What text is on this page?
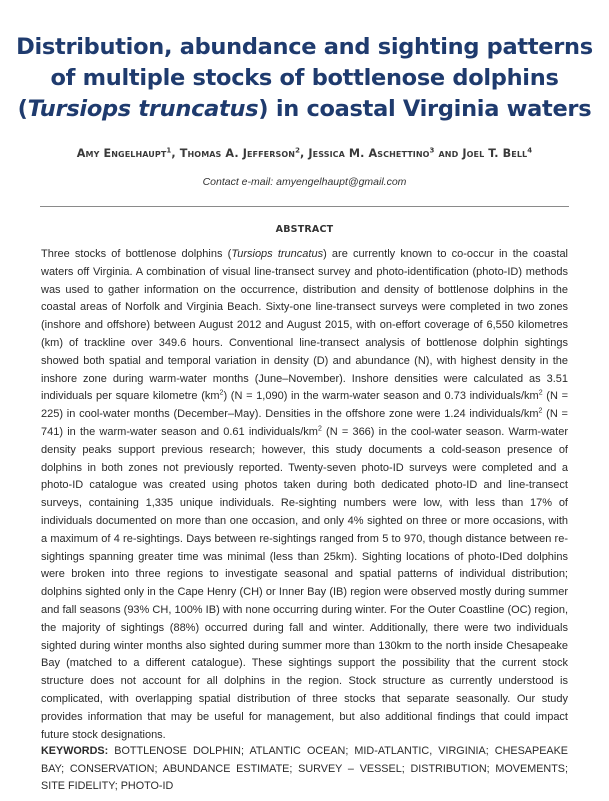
Distribution, abundance and sighting patterns of multiple stocks of bottlenose dolphins (Tursiops truncatus) in coastal Virginia waters
Amy Engelhaupt$^1$, Thomas A. Jefferson$^2$, Jessica M. Aschettino$^3$ and Joel T. Bell$^4$
Contact e-mail: amyengelhaupt@gmail.com
ABSTRACT

Three stocks of bottlenose dolphins (Tursiops truncatus) are currently known to co-occur in the coastal waters off Virginia. A combination of visual line-transect survey and photo-identification (photo-ID) methods was used to gather information on the occurrence, distribution and density of bottlenose dolphins in the coastal areas of Norfolk and Virginia Beach. Sixty-one line-transect surveys were completed in two zones (inshore and offshore) between August 2012 and August 2015, with on-effort coverage of 6,550 kilometres (km) of trackline over 349.6 hours. Conventional line-transect analysis of bottlenose dolphin sightings showed both spatial and temporal variation in density (D) and abundance (N), with highest density in the inshore zone during warm-water months (June–November). Inshore densities were calculated as 3.51 individuals per square kilometre $(km^2) (N = 1,090)$ in the warm-water season and 0.73 individuals/$km^2$ (N = 225) in cool-water months (December–May). Densities in the offshore zone were 1.24 individuals/$km^2$ (N = 741) in the warm-water season and 0.61 individuals/$km^2$ (N = 366) in the cool-water season. Warm-water density peaks support previous research; however, this study documents a cold-season presence of dolphins in both zones not previously reported. Twenty-seven photo-ID surveys were completed and a photo-ID catalogue was created using photos taken during both dedicated photo-ID and line-transect surveys, containing 1,335 unique individuals. Re-sighting numbers were low, with less than 17% of individuals documented on more than one occasion, and only 4% sighted on three or more occasions, with a maximum of 4 re-sightings. Days between re-sightings ranged from 5 to 970, though distance between re-sightings spanning greater time was minimal (less than 25km). Sighting locations of photo-IDed dolphins were broken into three regions to investigate seasonal and spatial patterns of individual distribution; dolphins sighted only in the Cape Henry (CH) or Inner Bay (IB) region were observed mostly during summer and fall seasons (93% CH, 100% IB) with none occurring during winter. For the Outer Coastline (OC) region, the majority of sightings (88%) occurred during fall and winter. Additionally, there were two individuals sighted during winter months also sighted during summer more than 130km to the north inside Chesapeake Bay (matched to a different catalogue). These sightings support the possibility that the current stock structure does not account for all dolphins in the region. Stock structure as currently understood is complicated, with overlapping spatial distribution of three stocks that separate seasonally. Our study provides information that may be useful for management, but also additional findings that could impact future stock designations.

KEYWORDS: BOTTLENOSE DOLPHIN; ATLANTIC OCEAN; MID-ATLANTIC, VIRGINIA; CHESAPEAKE BAY; CONSERVATION; ABUNDANCE ESTIMATE; SURVEY – VESSEL; DISTRIBUTION; MOVEMENTS; SITE FIDELITY; PHOTO-ID
